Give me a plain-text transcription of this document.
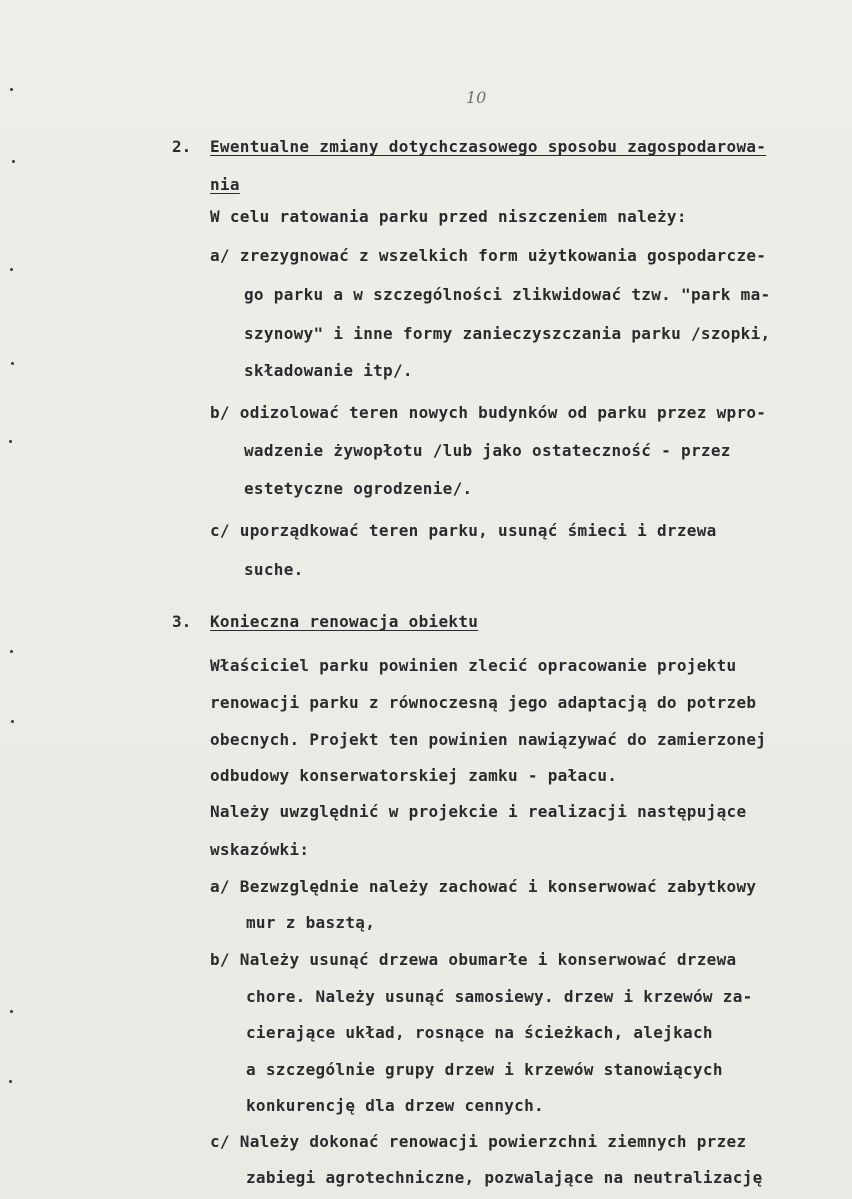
10

2. Ewentualne zmiany dotychczasowego sposobu zagospodarowa-

nia

W celu ratowania parku przed niszczeniem należy:

a/ zrezygnować z wszelkich form użytkowania gospodarcze-

go parku a w szczególności zlikwidować tzw. "park ma-

szynowy" i inne formy zanieczyszczania parku /szopki,

składowanie itp/.

b/ odizolować teren nowych budynków od parku przez wpro-

wadzenie żywopłotu /lub jako ostateczność - przez

estetyczne ogrodzenie/.

c/ uporządkować teren parku, usunąć śmieci i drzewa

suche.

3. Konieczna renowacja obiektu

Właściciel parku powinien zlecić opracowanie projektu

renowacji parku z równoczesną jego adaptacją do potrzeb

obecnych. Projekt ten powinien nawiązywać do zamierzonej

odbudowy konserwatorskiej zamku - pałacu.

Należy uwzględnić w projekcie i realizacji następujące

wskazówki:

a/ Bezwzględnie należy zachować i konserwować zabytkowy

mur z basztą,

b/ Należy usunąć drzewa obumarłe i konserwować drzewa

chore. Należy usunąć samosiewy. drzew i krzewów za-

cierające układ, rosnące na ścieżkach, alejkach

a szczególnie grupy drzew i krzewów stanowiących

konkurencję dla drzew cennych.

c/ Należy dokonać renowacji powierzchni ziemnych przez

zabiegi agrotechniczne, pozwalające na neutralizację
